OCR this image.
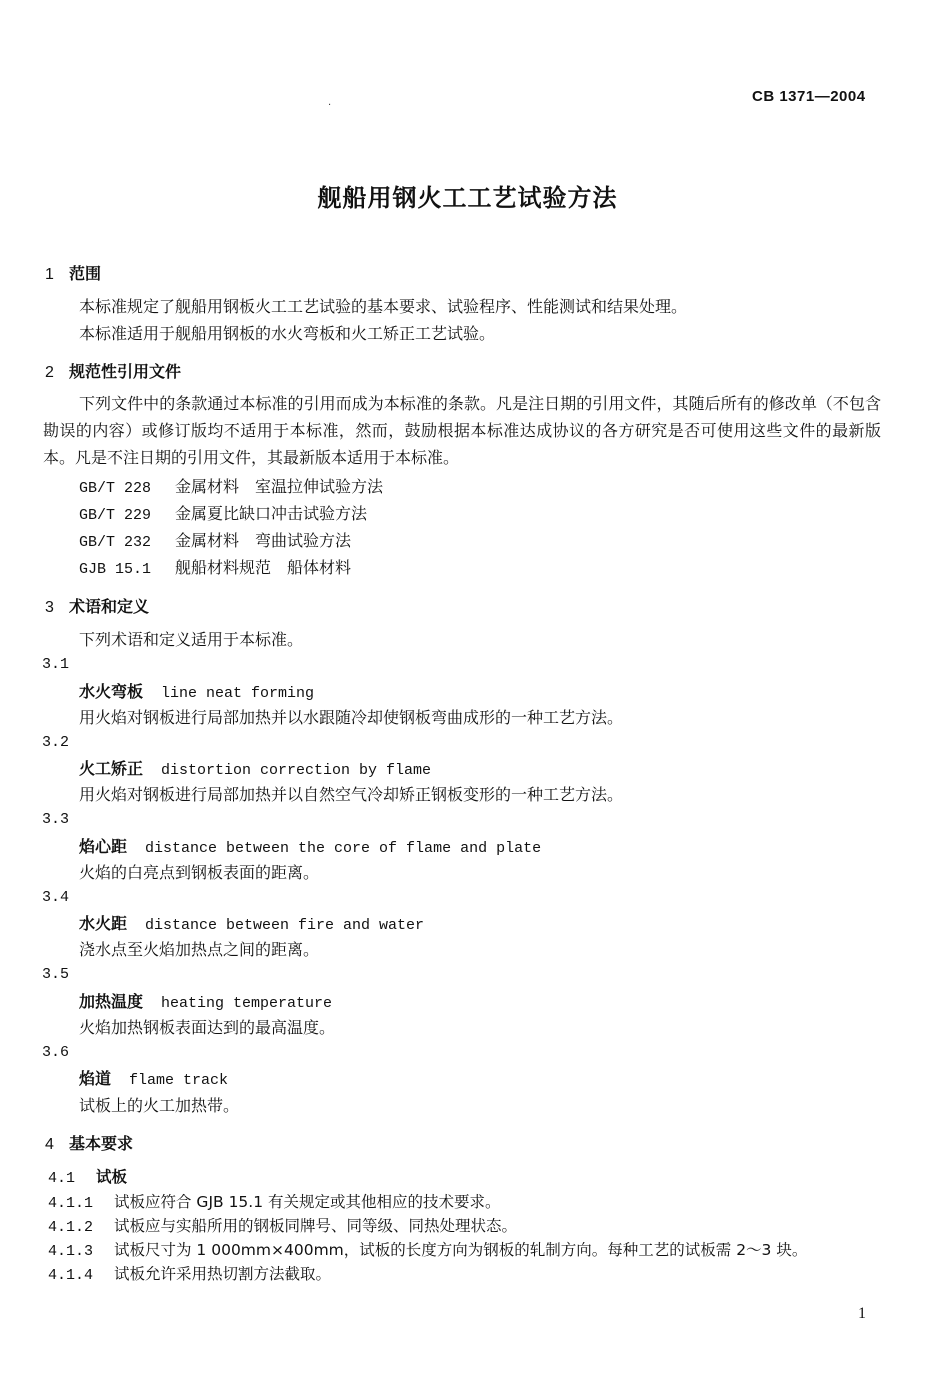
CB 1371—2004
·
舰船用钢火工工艺试验方法
1 范围
本标准规定了舰船用钢板火工工艺试验的基本要求、试验程序、性能测试和结果处理。
本标准适用于舰船用钢板的水火弯板和火工矫正工艺试验。
2 规范性引用文件
下列文件中的条款通过本标准的引用而成为本标准的条款。凡是注日期的引用文件，其随后所有的修改单（不包含勘误的内容）或修订版均不适用于本标准，然而，鼓励根据本标准达成协议的各方研究是否可使用这些文件的最新版本。凡是不注日期的引用文件，其最新版本适用于本标准。
GB/T 228 金属材料　室温拉伸试验方法
GB/T 229 金属夏比缺口冲击试验方法
GB/T 232 金属材料　弯曲试验方法
GJB 15.1 舰船材料规范　船体材料
3 术语和定义
下列术语和定义适用于本标准。
3.1
水火弯板 line neat forming
用火焰对钢板进行局部加热并以水跟随冷却使钢板弯曲成形的一种工艺方法。
3.2
火工矫正 distortion correction by flame
用火焰对钢板进行局部加热并以自然空气冷却矫正钢板变形的一种工艺方法。
3.3
焰心距 distance between the core of flame and plate
火焰的白亮点到钢板表面的距离。
3.4
水火距 distance between fire and water
浇水点至火焰加热点之间的距离。
3.5
加热温度 heating temperature
火焰加热钢板表面达到的最高温度。
3.6
焰道 flame track
试板上的火工加热带。
4 基本要求
4.1 试板
4.1.1 试板应符合 GJB 15.1 有关规定或其他相应的技术要求。
4.1.2 试板应与实船所用的钢板同牌号、同等级、同热处理状态。
4.1.3 试板尺寸为 1 000mm×400mm，试板的长度方向为钢板的轧制方向。每种工艺的试板需 2～3 块。
4.1.4 试板允许采用热切割方法截取。
1
